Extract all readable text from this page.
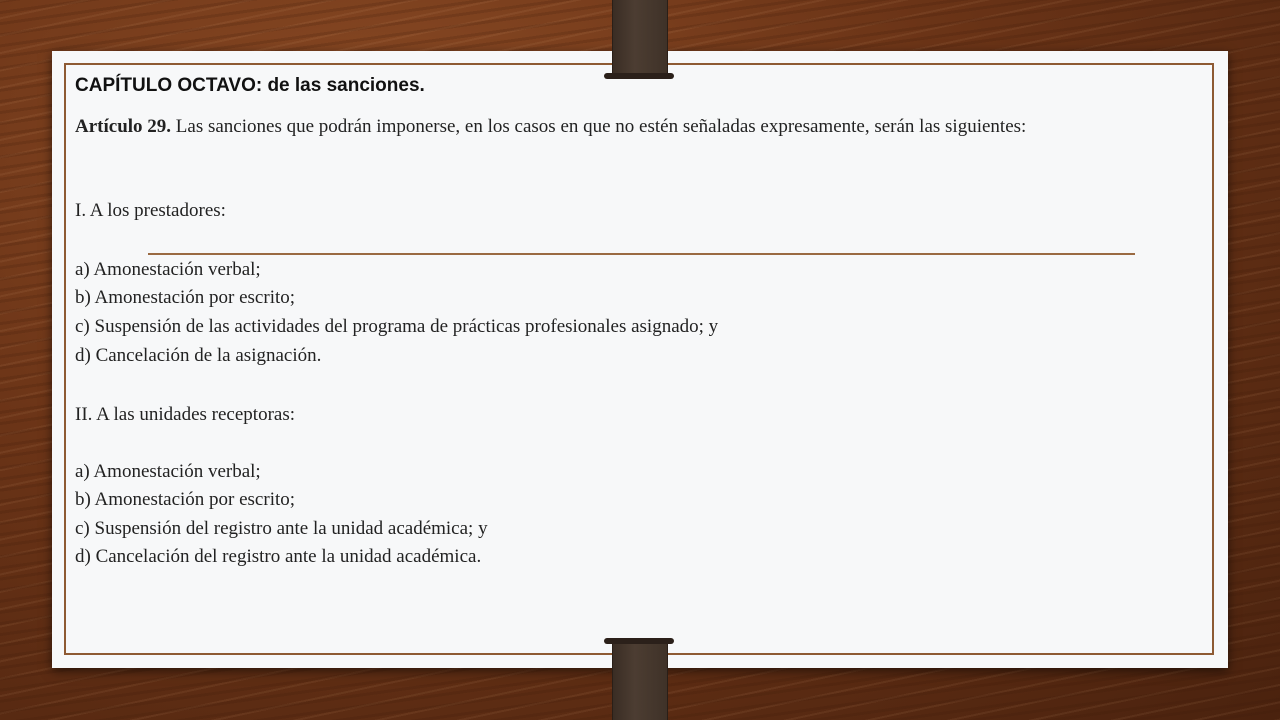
CAPÍTULO OCTAVO: de las sanciones.
Artículo 29. Las sanciones que podrán imponerse, en los casos en que no estén señaladas expresamente, serán las siguientes:
I. A los prestadores:
a) Amonestación verbal;
b) Amonestación por escrito;
c) Suspensión de las actividades del programa de prácticas profesionales asignado; y
d) Cancelación de la asignación.
II. A las unidades receptoras:
a) Amonestación verbal;
b) Amonestación por escrito;
c) Suspensión del registro ante la unidad académica; y
d) Cancelación del registro ante la unidad académica.
